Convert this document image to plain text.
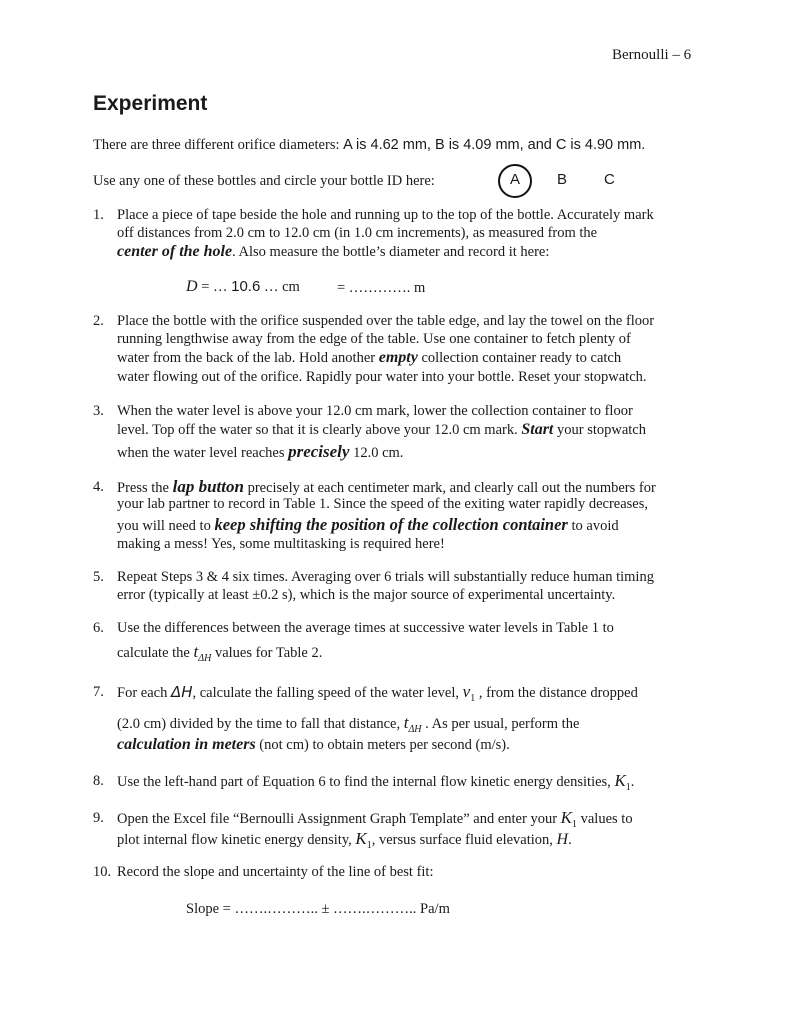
Bernoulli – 6
Experiment
There are three different orifice diameters: A is 4.62 mm, B is 4.09 mm, and C is 4.90 mm.
Use any one of these bottles and circle your bottle ID here:	A B C
1. Place a piece of tape beside the hole and running up to the top of the bottle. Accurately mark
off distances from 2.0 cm to 12.0 cm (in 1.0 cm increments), as measured from the
center of the hole. Also measure the bottle’s diameter and record it here:
D = … 10.6 … cm	= …………. m
2. Place the bottle with the orifice suspended over the table edge, and lay the towel on the floor
running lengthwise away from the edge of the table. Use one container to fetch plenty of
water from the back of the lab. Hold another empty collection container ready to catch
water flowing out of the orifice. Rapidly pour water into your bottle. Reset your stopwatch.
3. When the water level is above your 12.0 cm mark, lower the collection container to floor
level. Top off the water so that it is clearly above your 12.0 cm mark. Start your stopwatch
when the water level reaches precisely 12.0 cm.
4. Press the lap button precisely at each centimeter mark, and clearly call out the numbers for
your lab partner to record in Table 1. Since the speed of the exiting water rapidly decreases,
you will need to keep shifting the position of the collection container to avoid
making a mess! Yes, some multitasking is required here!
5. Repeat Steps 3 & 4 six times. Averaging over 6 trials will substantially reduce human timing
error (typically at least ±0.2 s), which is the major source of experimental uncertainty.
6. Use the differences between the average times at successive water levels in Table 1 to
calculate the $t_{\Delta H}$ values for Table 2.
7. For each ΔH, calculate the falling speed of the water level, $v_1$ , from the distance dropped
(2.0 cm) divided by the time to fall that distance, $t_{\Delta H}$ . As per usual, perform the
calculation in meters (not cm) to obtain meters per second (m/s).
8. Use the left-hand part of Equation 6 to find the internal flow kinetic energy densities, $K_1$.
9. Open the Excel file “Bernoulli Assignment Graph Template” and enter your $K_1$ values to
plot internal flow kinetic energy density, $K_1$, versus surface fluid elevation, H.
10. Record the slope and uncertainty of the line of best fit:
Slope = …….……….. ± …….……….. Pa/m
